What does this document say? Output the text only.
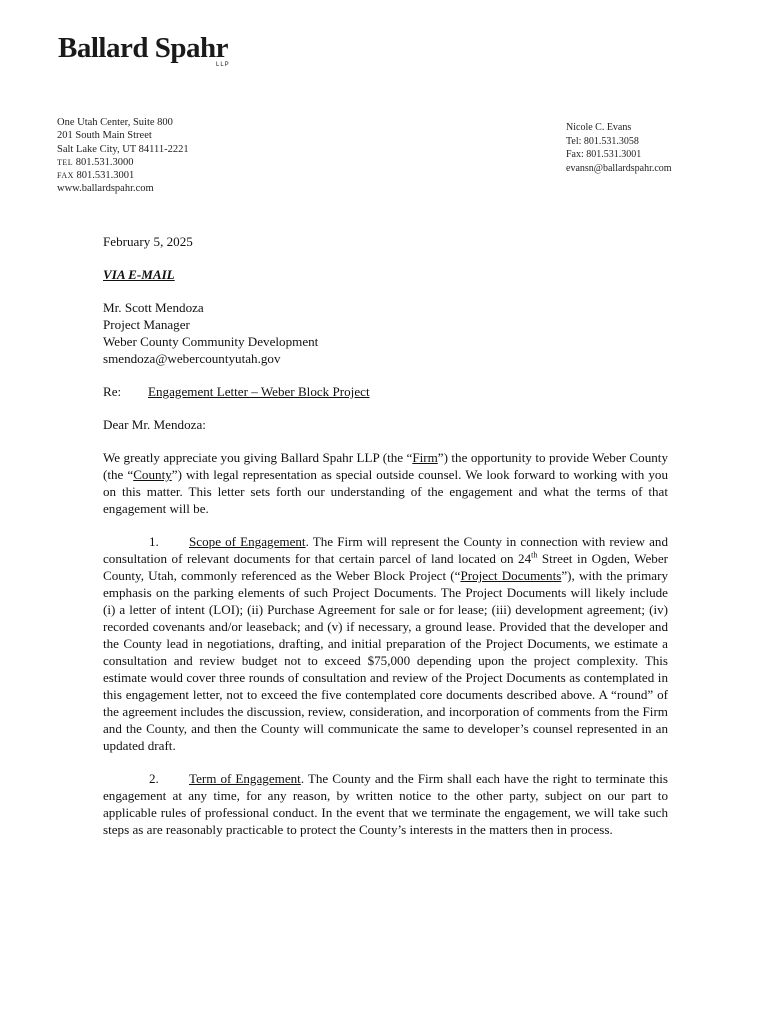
Ballard Spahr
LLP
One Utah Center, Suite 800
201 South Main Street
Salt Lake City, UT 84111-2221
TEL 801.531.3000
FAX 801.531.3001
www.ballardspahr.com
Nicole C. Evans
Tel: 801.531.3058
Fax: 801.531.3001
evansn@ballardspahr.com

February 5, 2025

VIA E-MAIL

Mr. Scott Mendoza
Project Manager
Weber County Community Development
smendoza@webercountyutah.gov

Re:	Engagement Letter – Weber Block Project

Dear Mr. Mendoza:

We greatly appreciate you giving Ballard Spahr LLP (the “Firm”) the opportunity to provide Weber County (the “County”) with legal representation as special outside counsel. We look forward to working with you on this matter. This letter sets forth our understanding of the engagement and what the terms of that engagement will be.

1. Scope of Engagement. The Firm will represent the County in connection with review and consultation of relevant documents for that certain parcel of land located on 24th Street in Ogden, Weber County, Utah, commonly referenced as the Weber Block Project (“Project Documents”), with the primary emphasis on the parking elements of such Project Documents. The Project Documents will likely include (i) a letter of intent (LOI); (ii) Purchase Agreement for sale or for lease; (iii) development agreement; (iv) recorded covenants and/or leaseback; and (v) if necessary, a ground lease. Provided that the developer and the County lead in negotiations, drafting, and initial preparation of the Project Documents, we estimate a consultation and review budget not to exceed $75,000 depending upon the project complexity. This estimate would cover three rounds of consultation and review of the Project Documents as contemplated in this engagement letter, not to exceed the five contemplated core documents described above. A “round” of the agreement includes the discussion, review, consideration, and incorporation of comments from the Firm and the County, and then the County will communicate the same to developer’s counsel represented in an updated draft.

2. Term of Engagement. The County and the Firm shall each have the right to terminate this engagement at any time, for any reason, by written notice to the other party, subject on our part to applicable rules of professional conduct. In the event that we terminate the engagement, we will take such steps as are reasonably practicable to protect the County’s interests in the matters then in process.
